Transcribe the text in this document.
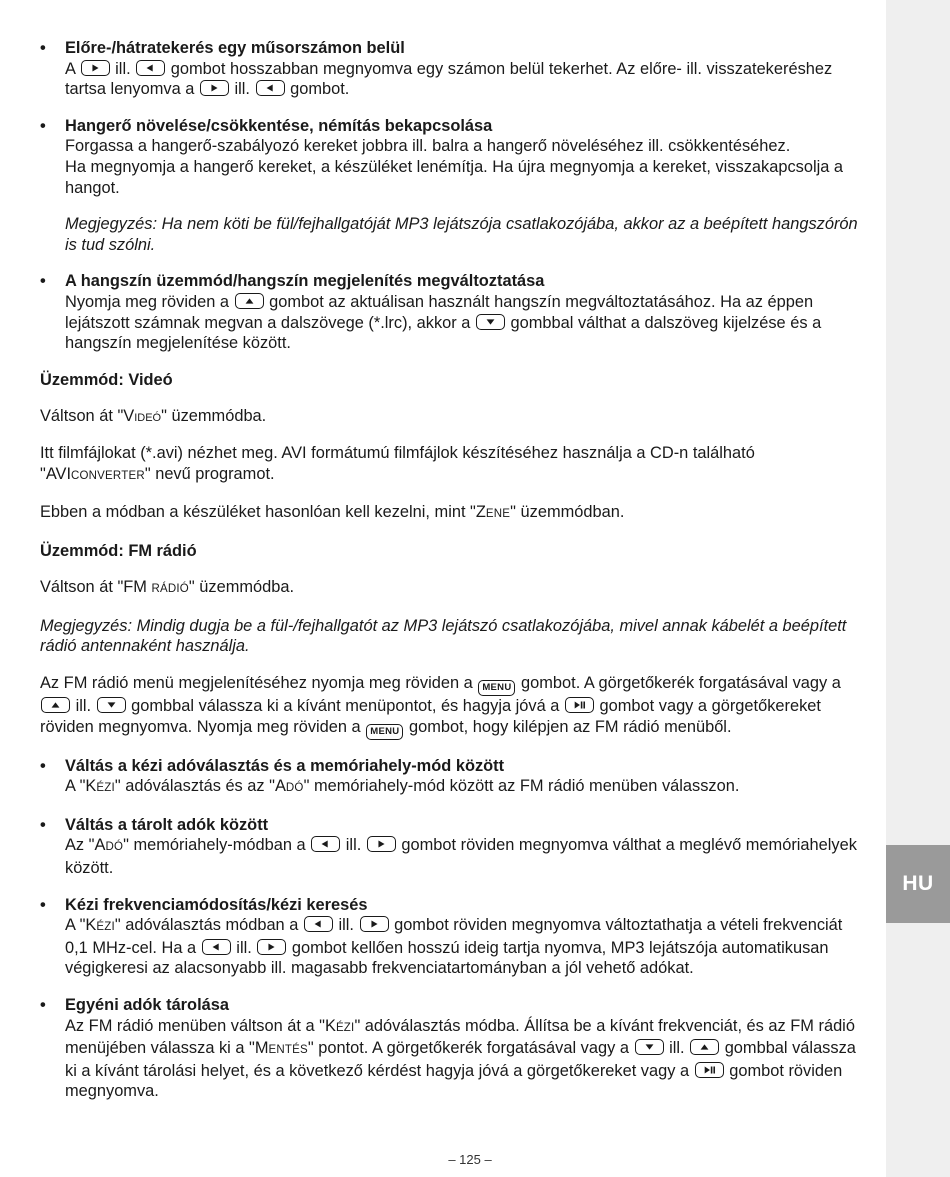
HU
• Előre-/hátratekerés egy műsorszámon belül
A ill. gombot hosszabban megnyomva egy számon belül tekerhet. Az előre- ill. visszatekeréshez tartsa lenyomva a ill. gombot.
• Hangerő növelése/csökkentése, némítás bekapcsolása
Forgassa a hangerő-szabályozó kereket jobbra ill. balra a hangerő növeléséhez ill. csökkentéséhez.
Ha megnyomja a hangerő kereket, a készüléket lenémítja. Ha újra megnyomja a kereket, visszakapcsolja a hangot.

Megjegyzés: Ha nem köti be fül/fejhallgatóját MP3 lejátszója csatlakozójába, akkor az a beépített hangszórón is tud szólni.

• A hangszín üzemmód/hangszín megjelenítés megváltoztatása
Nyomja meg röviden a gombot az aktuálisan használt hangszín megváltoztatásához. Ha az éppen lejátszott számnak megvan a dalszövege (*.lrc), akkor a gombbal válthat a dalszöveg kijelzése és a hangszín megjelenítése között.

Üzemmód: Videó

Váltson át "Videó" üzemmódba.

Itt filmfájlokat (*.avi) nézhet meg. AVI formátumú filmfájlok készítéséhez használja a CD-n található "AVICONVERTER" nevű programot.

Ebben a módban a készüléket hasonlóan kell kezelni, mint "ZENE" üzemmódban.

Üzemmód: FM rádió

Váltson át "FM RÁDIÓ" üzemmódba.

Megjegyzés: Mindig dugja be a fül-/fejhallgatót az MP3 lejátszó csatlakozójába, mivel annak kábelét a beépített rádió antennaként használja.

Az FM rádió menü megjelenítéséhez nyomja meg röviden a MENU gombot. A görgetőkerék forgatásával vagy a
ill. gombbal válassza ki a kívánt menüpontot, és hagyja jóvá a gombot vagy a görgetőkereket röviden megnyomva. Nyomja meg röviden a MENU gombot, hogy kilépjen az FM rádió menüből.

• Váltás a kézi adóválasztás és a memóriahely-mód között
A "KÉZI" adóválasztás és az "ADÓ" memóriahely-mód között az FM rádió menüben válasszon.
• Váltás a tárolt adók között
Az "ADÓ" memóriahely-módban a ill. gombot röviden megnyomva válthat a meglévő memóriahelyek között.
• Kézi frekvenciamódosítás/kézi keresés
A "KÉZI" adóválasztás módban a ill. gombot röviden megnyomva változtathatja a vételi frekvenciát 0,1 MHz-cel. Ha a ill. gombot kellően hosszú ideig tartja nyomva, MP3 lejátszója automatikusan végigkeresi az alacsonyabb ill. magasabb frekvenciatartományban a jól vehető adókat.
• Egyéni adók tárolása
Az FM rádió menüben váltson át a "KÉZI" adóválasztás módba. Állítsa be a kívánt frekvenciát, és az FM rádió menüjében válassza ki a "MENTÉS" pontot. A görgetőkerék forgatásával vagy a ill. gombbal válassza ki a kívánt tárolási helyet, és a következő kérdést hagyja jóvá a görgetőkereket vagy a gombot röviden megnyomva.
– 125 –
